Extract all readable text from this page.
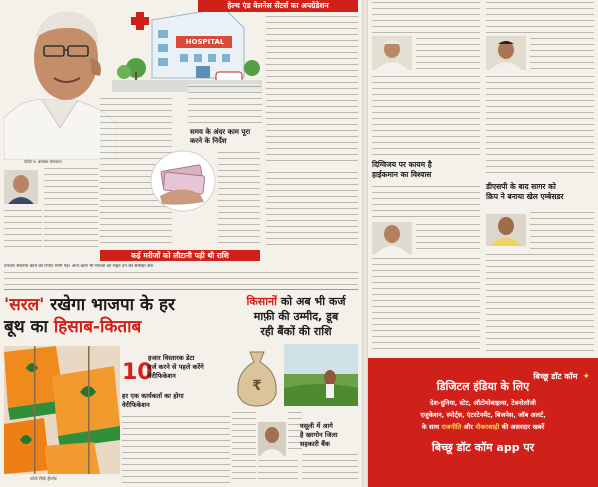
फोटोः प्र. बराबक मनाकात
HOSPITAL
हेल्थ एंड वेलनेस सेंटर्स का अपग्रेडेशन
समय के अंदर काम पूरा
करने के निर्देश
कई मरीजों को लौटानी पड़ी थी राशि
उपचार स्थानीय कार्य की रिपोर्ट मांगी गई। अन्य कार्य भी मरीजों को राहत देने की समीक्षा की।
'सरल' रखेगा भाजपा के हर
बूथ का हिसाब-किताब
फोटोः सिर्फ़ ट्रीटमेंट
10
हजार विस्तारक डेटा
दर्ज करने से पहले करेंगे
वेरीफिकेशन
हर एक कार्यकर्ता का होगा
वेरीफिकेशन
किसानों को अब भी कर्ज
माफ़ी की उम्मीद, डूब
रही बैंकों की राशि
₹
वसूली में आगे
है खरगोन जिला
सहकारी बैंक
दिग्विजय पर कायम है
हाईकमान का विश्वास
डीएसपी के बाद सागर को
क्रिप ने बनाया खेल एम्बेसडर
बिच्छू डॉट कॉम ✦
डिजिटल इंडिया के लिए
देश-दुनिया, स्टेट, ऑटोमोबाइल्स, टेक्नोलॉजी
एजुकेशन, स्पोर्ट्स, एंटरटेनमेंट, बिजनेस, जॉब अलर्ट,
के साथ राजनीति और नौकरशाही की असरदार खबरें
बिच्छू डॉट कॉम app पर
